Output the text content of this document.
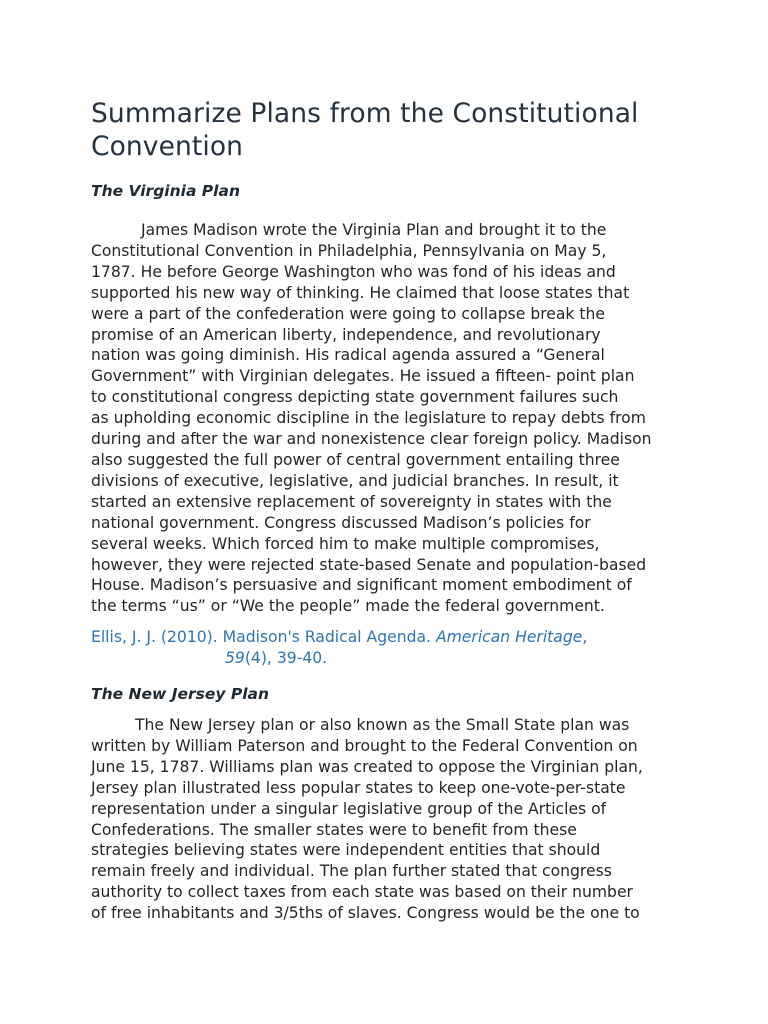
Summarize Plans from the Constitutional
Convention
The Virginia Plan

James Madison wrote the Virginia Plan and brought it to the
Constitutional Convention in Philadelphia, Pennsylvania on May 5,
1787. He before George Washington who was fond of his ideas and
supported his new way of thinking. He claimed that loose states that
were a part of the confederation were going to collapse break the
promise of an American liberty, independence, and revolutionary
nation was going diminish. His radical agenda assured a “General
Government” with Virginian delegates. He issued a fifteen- point plan
to constitutional congress depicting state government failures such
as upholding economic discipline in the legislature to repay debts from
during and after the war and nonexistence clear foreign policy. Madison
also suggested the full power of central government entailing three
divisions of executive, legislative, and judicial branches. In result, it
started an extensive replacement of sovereignty in states with the
national government. Congress discussed Madison’s policies for
several weeks. Which forced him to make multiple compromises,
however, they were rejected state-based Senate and population-based
House. Madison’s persuasive and significant moment embodiment of
the terms “us” or “We the people” made the federal government.

Ellis, J. J. (2010). Madison's Radical Agenda. American Heritage,
59(4), 39-40.
The New Jersey Plan

The New Jersey plan or also known as the Small State plan was
written by William Paterson and brought to the Federal Convention on
June 15, 1787. Williams plan was created to oppose the Virginian plan,
Jersey plan illustrated less popular states to keep one-vote-per-state
representation under a singular legislative group of the Articles of
Confederations. The smaller states were to benefit from these
strategies believing states were independent entities that should
remain freely and individual. The plan further stated that congress
authority to collect taxes from each state was based on their number
of free inhabitants and 3/5ths of slaves. Congress would be the one to
